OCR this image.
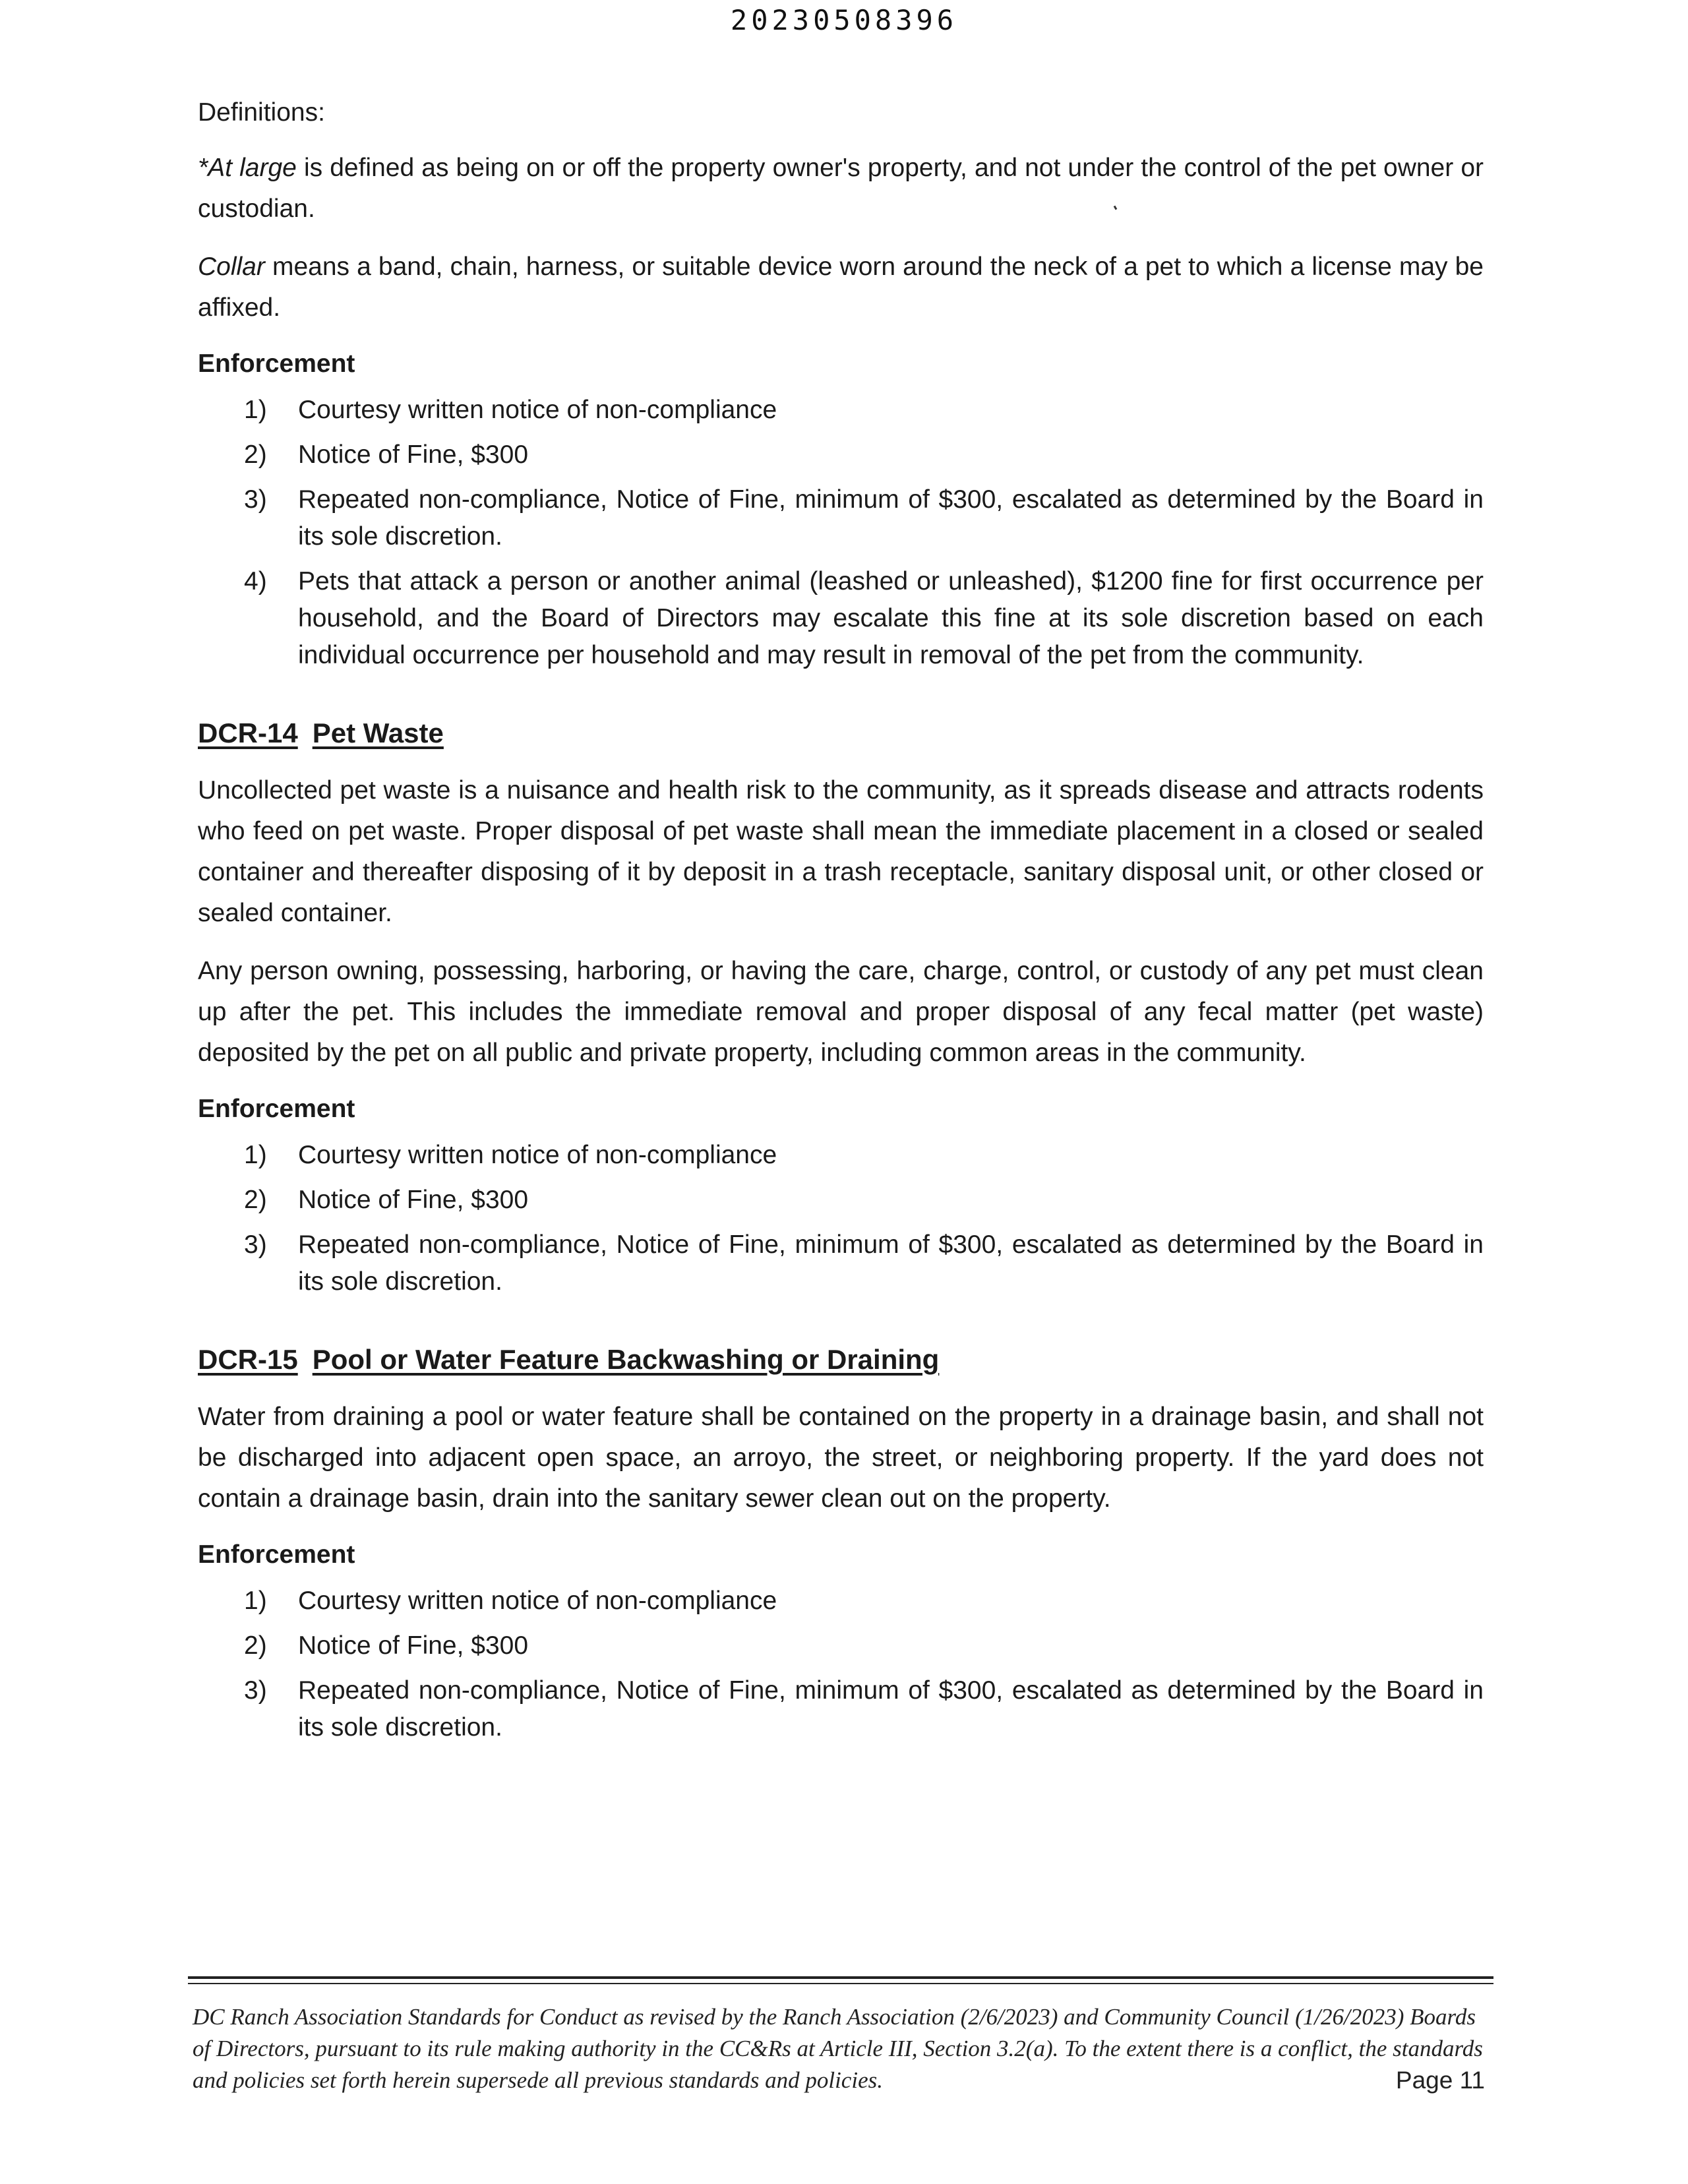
20230508396

Definitions:

*At large is defined as being on or off the property owner's property, and not under the control of the pet owner or custodian.

Collar means a band, chain, harness, or suitable device worn around the neck of a pet to which a license may be affixed.

Enforcement
1) Courtesy written notice of non-compliance
2) Notice of Fine, $300
3) Repeated non-compliance, Notice of Fine, minimum of $300, escalated as determined by the Board in its sole discretion.
4) Pets that attack a person or another animal (leashed or unleashed), $1200 fine for first occurrence per household, and the Board of Directors may escalate this fine at its sole discretion based on each individual occurrence per household and may result in removal of the pet from the community.
DCR-14 Pet Waste

Uncollected pet waste is a nuisance and health risk to the community, as it spreads disease and attracts rodents who feed on pet waste. Proper disposal of pet waste shall mean the immediate placement in a closed or sealed container and thereafter disposing of it by deposit in a trash receptacle, sanitary disposal unit, or other closed or sealed container.

Any person owning, possessing, harboring, or having the care, charge, control, or custody of any pet must clean up after the pet. This includes the immediate removal and proper disposal of any fecal matter (pet waste) deposited by the pet on all public and private property, including common areas in the community.

Enforcement
1) Courtesy written notice of non-compliance
2) Notice of Fine, $300
3) Repeated non-compliance, Notice of Fine, minimum of $300, escalated as determined by the Board in its sole discretion.
DCR-15 Pool or Water Feature Backwashing or Draining

Water from draining a pool or water feature shall be contained on the property in a drainage basin, and shall not be discharged into adjacent open space, an arroyo, the street, or neighboring property. If the yard does not contain a drainage basin, drain into the sanitary sewer clean out on the property.

Enforcement
1) Courtesy written notice of non-compliance
2) Notice of Fine, $300
3) Repeated non-compliance, Notice of Fine, minimum of $300, escalated as determined by the Board in its sole discretion.
DC Ranch Association Standards for Conduct as revised by the Ranch Association (2/6/2023) and Community Council (1/26/2023) Boards of Directors, pursuant to its rule making authority in the CC&Rs at Article III, Section 3.2(a). To the extent there is a conflict, the standards and policies set forth herein supersede all previous standards and policies.	Page 11
